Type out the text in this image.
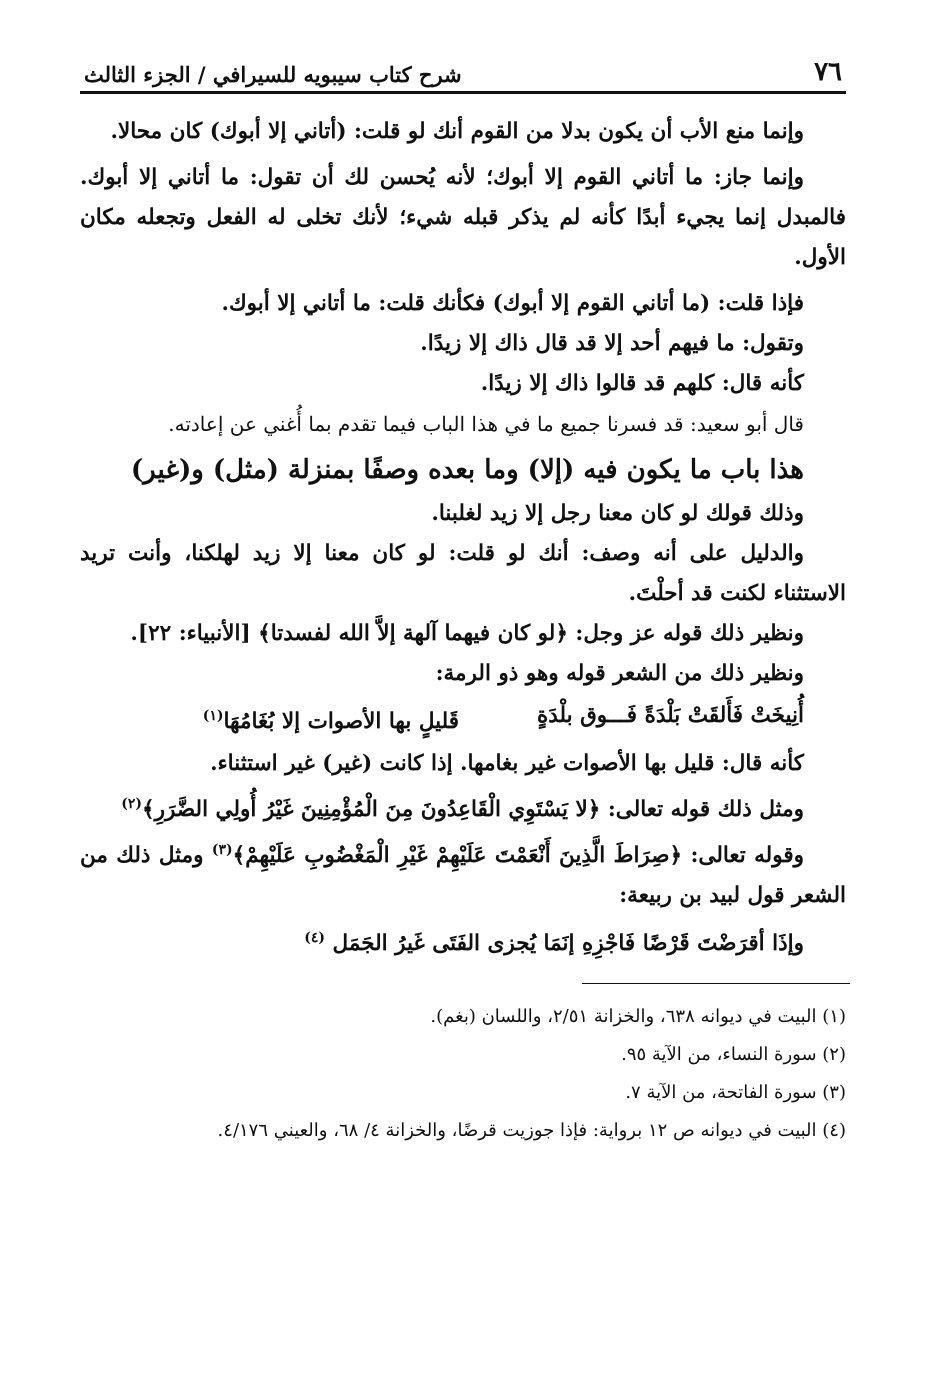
٧٦
شرح كتاب سيبويه للسيرافي / الجزء الثالث

وإنما منع الأب أن يكون بدلا من القوم أنك لو قلت: (أتاني إلا أبوك) كان محالا.

وإنما جاز: ما أتاني القوم إلا أبوك؛ لأنه يُحسن لك أن تقول: ما أتاني إلا أبوك. فالمبدل إنما يجيء أبدًا كأنه لم يذكر قبله شيء؛ لأنك تخلى له الفعل وتجعله مكان الأول.

فإذا قلت: (ما أتاني القوم إلا أبوك) فكأنك قلت: ما أتاني إلا أبوك.

وتقول: ما فيهم أحد إلا قد قال ذاك إلا زيدًا.

كأنه قال: كلهم قد قالوا ذاك إلا زيدًا.

قال أبو سعيد: قد فسرنا جميع ما في هذا الباب فيما تقدم بما أُغني عن إعادته.

هذا باب ما يكون فيه (إلا) وما بعده وصفًا بمنزلة (مثل) و(غير)

وذلك قولك لو كان معنا رجل إلا زيد لغلبنا.

والدليل على أنه وصف: أنك لو قلت: لو كان معنا إلا زيد لهلكنا، وأنت تريد الاستثناء لكنت قد أحلْتَ.

ونظير ذلك قوله عز وجل: ﴿لو كان فيهما آلهة إلاَّ الله لفسدتا﴾ [الأنبياء: ٢٢].

ونظير ذلك من الشعر قوله وهو ذو الرمة:

أُنِيخَتْ فَأَلقَتْ بَلْدَةً فَـــوق بلْدَةٍ
قَليلٍ بها الأصوات إلا بُغَامُهَا$^{(١)}$

كأنه قال: قليل بها الأصوات غير بغامها. إذا كانت (غير) غير استثناء.

ومثل ذلك قوله تعالى: ﴿لا يَسْتَوِي الْقَاعِدُونَ مِنَ الْمُؤْمِنِينَ غَيْرُ أُولِي الضَّرَرِ﴾$^{(٢)}$

وقوله تعالى: ﴿صِرَاطَ الَّذِينَ أَنْعَمْتَ عَلَيْهِمْ غَيْرِ الْمَغْضُوبِ عَلَيْهِمْ﴾$^{(٣)}$ ومثل ذلك من الشعر قول لبيد بن ربيعة:

وإذَا أقرَضْتَ قَرْضًا فَاجْزِهِ إنَمَا يُجزى الفَتَى غَيرُ الجَمَل $^{(٤)}$

(١) البيت في ديوانه ٦٣٨، والخزانة ٢/٥١، واللسان (بغم).

(٢) سورة النساء، من الآية ٩٥.

(٣) سورة الفاتحة، من الآية ٧.

(٤) البيت في ديوانه ص ١٢ برواية: فإذا جوزيت قرضًا، والخزانة ٤/ ٦٨، والعيني ٤/١٧٦.
